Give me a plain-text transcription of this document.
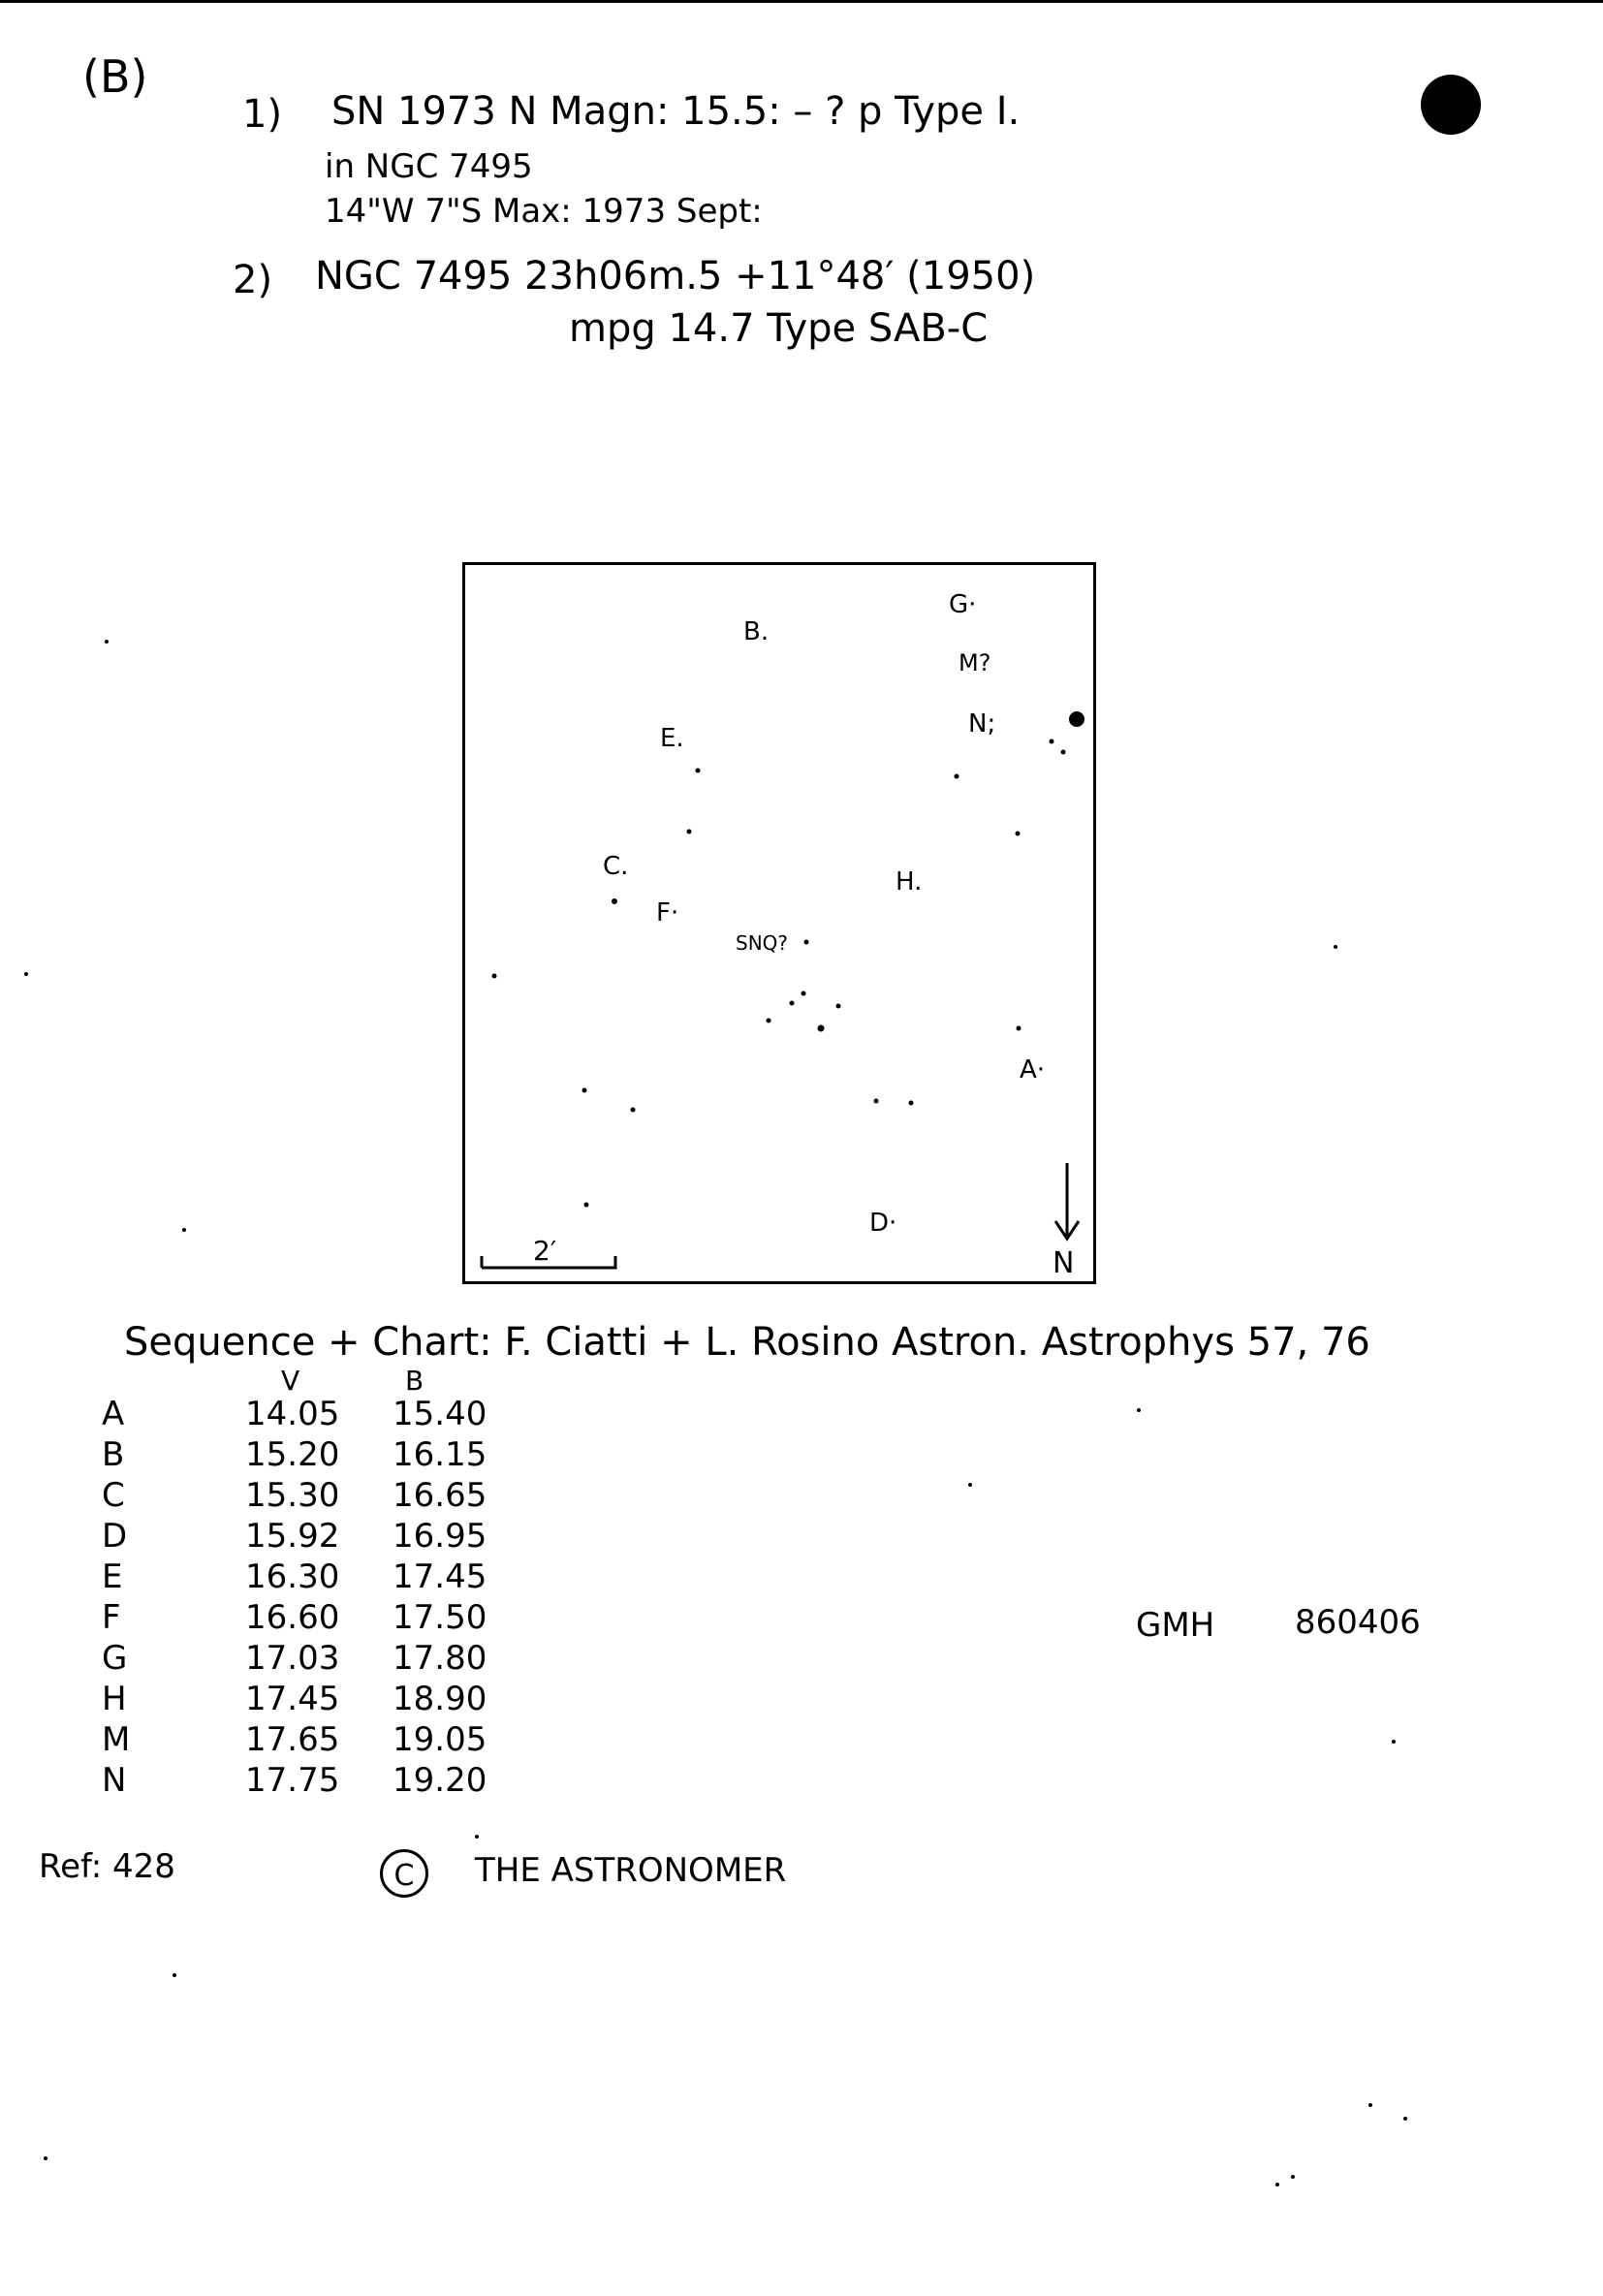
(B)
1) SN 1973 N Magn: 15.5: – ? p Type I.
in NGC 7495
14"W 7"S Max: 1973 Sept:
2) NGC 7495 23h06m.5 +11°48′ (1950)
mpg 14.7 Type SAB-C
B.
G·
M?
N;
E.
C.
F·
H.
SNQ?
A·
D·
2′	N
Sequence + Chart: F. Ciatti + L. Rosino Astron. Astrophys 57, 76
V	B
A	14.05	15.40
B	15.20	16.15
C	15.30	16.65
D	15.92	16.95
E	16.30	17.45
F	16.60	17.50
G	17.03	17.80
H	17.45	18.90
M	17.65	19.05
N	17.75	19.20
GMH 860406
Ref: 428	C	THE ASTRONOMER
